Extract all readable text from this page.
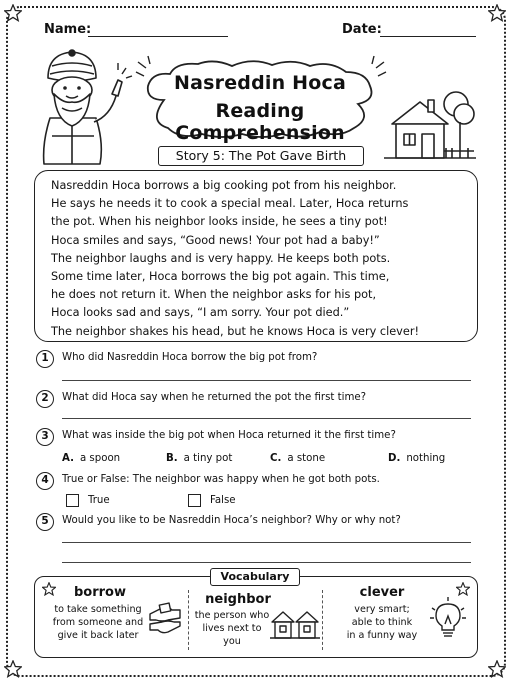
Name:	Date:
Nasreddin Hoca
Reading Comprehension
Story 5: The Pot Gave Birth

Nasreddin Hoca borrows a big cooking pot from his neighbor.

He says he needs it to cook a special meal. Later, Hoca returns

the pot. When his neighbor looks inside, he sees a tiny pot!

Hoca smiles and says, “Good news! Your pot had a baby!”

The neighbor laughs and is very happy. He keeps both pots.

Some time later, Hoca borrows the big pot again. This time,

he does not return it. When the neighbor asks for his pot,

Hoca looks sad and says, “I am sorry. Your pot died.”

The neighbor shakes his head, but he knows Hoca is very clever!

1	Who did Nasreddin Hoca borrow the big pot from?
2	What did Hoca say when he returned the pot the first time?
3	What was inside the big pot when Hoca returned it the first time?
A. a spoon	B. a tiny pot	C. a stone	D. nothing
4	True or False: The neighbor was happy when he got both pots.
True	False
5	Would you like to be Nasreddin Hoca’s neighbor? Why or why not?
Vocabulary
borrow
to take something
from someone and
give it back later
neighbor
the person who
lives next to
you
clever
very smart;
able to think
in a funny way
